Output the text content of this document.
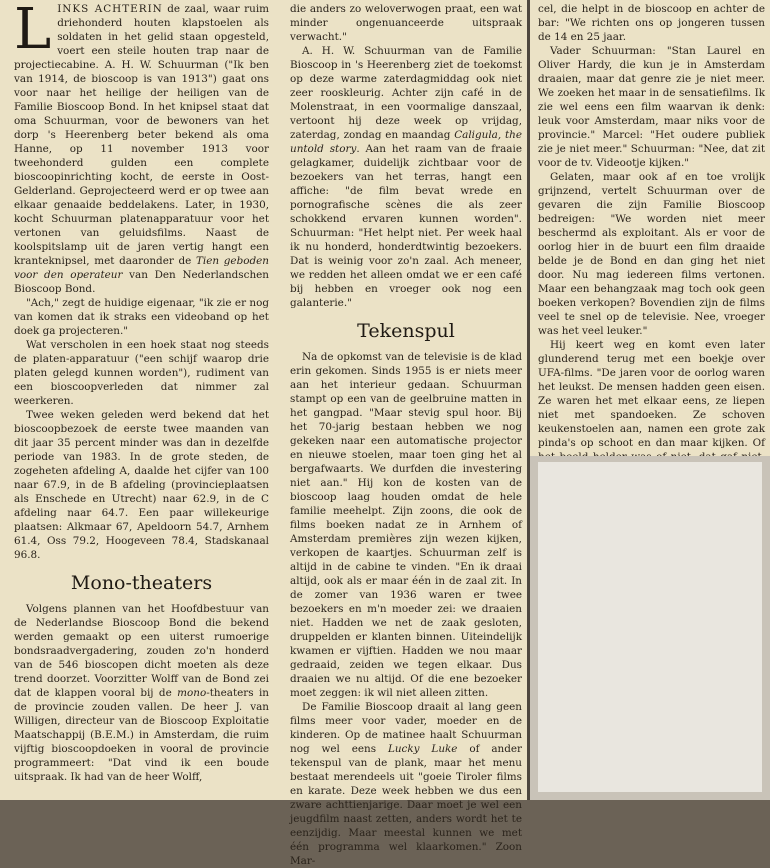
LINKS ACHTERIN de zaal, waar ruim driehonderd houten klapstoelen als soldaten in het gelid staan opgesteld, voert een steile houten trap naar de projectiecabine. A. H. W. Schuurman ("Ik ben van 1914, de bioscoop is van 1913") gaat ons voor naar het heilige der heiligen van de Familie Bioscoop Bond. In het knipsel staat dat oma Schuurman, voor de bewoners van het dorp 's Heerenberg beter bekend als oma Hanne, op 11 november 1913 voor tweehonderd gulden een complete bioscoopinrichting kocht, de eerste in Oost-Gelderland. Geprojecteerd werd er op twee aan elkaar genaaide beddelakens. Later, in 1930, kocht Schuurman platenapparatuur voor het vertonen van geluidsfilms. Naast de koolspitslamp uit de jaren vertig hangt een kranteknipsel, met daaronder de Tien geboden voor den operateur van Den Nederlandschen Bioscoop Bond.

"Ach," zegt de huidige eigenaar, "ik zie er nog van komen dat ik straks een videoband op het doek ga projecteren."

Wat verscholen in een hoek staat nog steeds de platen-apparatuur ("een schijf waarop drie platen gelegd kunnen worden"), rudiment van een bioscoopverleden dat nimmer zal weerkeren.

Twee weken geleden werd bekend dat het bioscoopbezoek de eerste twee maanden van dit jaar 35 percent minder was dan in dezelfde periode van 1983. In de grote steden, de zogeheten afdeling A, daalde het cijfer van 100 naar 67.9, in de B afdeling (provincieplaatsen als Enschede en Utrecht) naar 62.9, in de C afdeling naar 64.7. Een paar willekeurige plaatsen: Alkmaar 67, Apeldoorn 54.7, Arnhem 61.4, Oss 79.2, Hoogeveen 78.4, Stadskanaal 96.8.

Mono-theaters

Volgens plannen van het Hoofdbestuur van de Nederlandse Bioscoop Bond die bekend werden gemaakt op een uiterst rumoerige bondsraadvergadering, zouden zo'n honderd van de 546 bioscopen dicht moeten als deze trend doorzet. Voorzitter Wolff van de Bond zei dat de klappen vooral bij de mono-theaters in de provincie zouden vallen. De heer J. van Willigen, directeur van de Bioscoop Exploitatie Maatschappij (B.E.M.) in Amsterdam, die ruim vijftig bioscoopdoeken in vooral de provincie programmeert: "Dat vind ik een boude uitspraak. Ik had van de heer Wolff,

die anders zo weloverwogen praat, een wat minder ongenuanceerde uitspraak verwacht."

A. H. W. Schuurman van de Familie Bioscoop in 's Heerenberg ziet de toekomst op deze warme zaterdagmiddag ook niet zeer rooskleurig. Achter zijn café in de Molenstraat, in een voormalige danszaal, vertoont hij deze week op vrijdag, zaterdag, zondag en maandag Caligula, the untold story. Aan het raam van de fraaie gelagkamer, duidelijk zichtbaar voor de bezoekers van het terras, hangt een affiche: "de film bevat wrede en pornografische scènes die als zeer schokkend ervaren kunnen worden". Schuurman: "Het helpt niet. Per week haal ik nu honderd, honderdtwintig bezoekers. Dat is weinig voor zo'n zaal. Ach meneer, we redden het alleen omdat we er een café bij hebben en vroeger ook nog een galanterie."

Tekenspul

Na de opkomst van de televisie is de klad erin gekomen. Sinds 1955 is er niets meer aan het interieur gedaan. Schuurman stampt op een van de geelbruine matten in het gangpad. "Maar stevig spul hoor. Bij het 70-jarig bestaan hebben we nog gekeken naar een automatische projector en nieuwe stoelen, maar toen ging het al bergafwaarts. We durfden die investering niet aan." Hij kon de kosten van de bioscoop laag houden omdat de hele familie meehelpt. Zijn zoons, die ook de films boeken nadat ze in Arnhem of Amsterdam premières zijn wezen kijken, verkopen de kaartjes. Schuurman zelf is altijd in de cabine te vinden. "En ik draai altijd, ook als er maar één in de zaal zit. In de zomer van 1936 waren er twee bezoekers en m'n moeder zei: we draaien niet. Hadden we net de zaak gesloten, druppelden er klanten binnen. Uiteindelijk kwamen er vijftien. Hadden we nou maar gedraaid, zeiden we tegen elkaar. Dus draaien we nu altijd. Of die ene bezoeker moet zeggen: ik wil niet alleen zitten.

De Familie Bioscoop draait al lang geen films meer voor vader, moeder en de kinderen. Op de matinee haalt Schuurman nog wel eens Lucky Luke of ander tekenspul van de plank, maar het menu bestaat merendeels uit "goeie Tiroler films en karate. Deze week hebben we dus een zware achttienjarige. Daar moet je wel een jeugdfilm naast zetten, anders wordt het te eenzijdig. Maar meestal kunnen we met één programma wel klaarkomen." Zoon Mar-

cel, die helpt in de bioscoop en achter de bar: "We richten ons op jongeren tussen de 14 en 25 jaar.

Vader Schuurman: "Stan Laurel en Oliver Hardy, die kun je in Amsterdam draaien, maar dat genre zie je niet meer. We zoeken het maar in de sensatiefilms. Ik zie wel eens een film waarvan ik denk: leuk voor Amsterdam, maar niks voor de provincie." Marcel: "Het oudere publiek zie je niet meer." Schuurman: "Nee, dat zit voor de tv. Videootje kijken."

Gelaten, maar ook af en toe vrolijk grijnzend, vertelt Schuurman over de gevaren die zijn Familie Bioscoop bedreigen: "We worden niet meer beschermd als exploitant. Als er voor de oorlog hier in de buurt een film draaide belde je de Bond en dan ging het niet door. Nu mag iedereen films vertonen. Maar een behangzaak mag toch ook geen boeken verkopen? Bovendien zijn de films veel te snel op de televisie. Nee, vroeger was het veel leuker."

Hij keert weg en komt even later glunderend terug met een boekje over UFA-films. "De jaren voor de oorlog waren het leukst. De mensen hadden geen eisen. Ze waren het met elkaar eens, ze liepen niet met spandoeken. Ze schoven keukenstoelen aan, namen een grote zak pinda's op schoot en dan maar kijken. Of
